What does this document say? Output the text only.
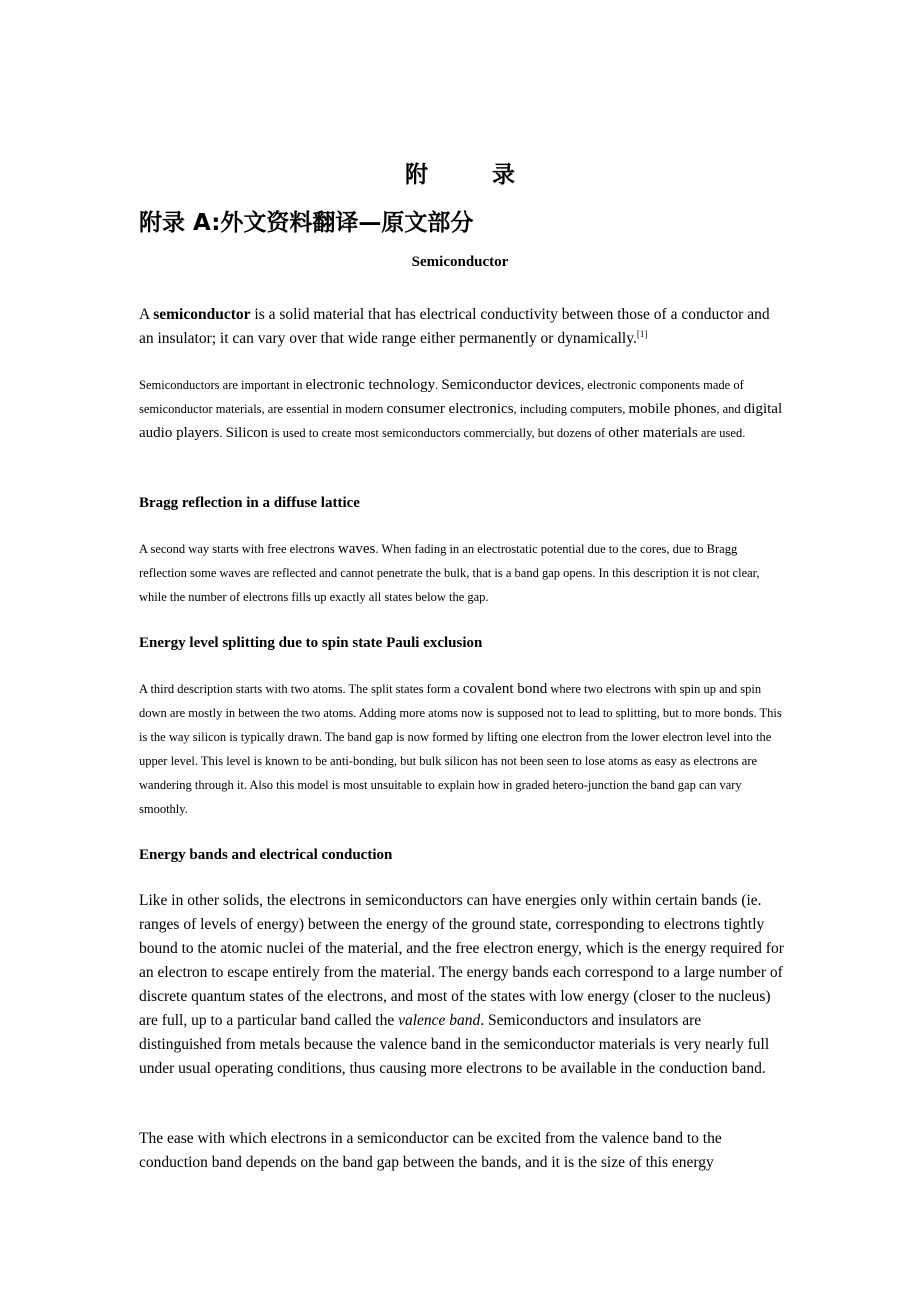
附	录
附录 A:外文资料翻译—原文部分
Semiconductor
A semiconductor is a solid material that has electrical conductivity between those of a conductor and an insulator; it can vary over that wide range either permanently or dynamically.[1]
Semiconductors are important in electronic technology. Semiconductor devices, electronic components made of semiconductor materials, are essential in modern consumer electronics, including computers, mobile phones, and digital audio players. Silicon is used to create most semiconductors commercially, but dozens of other materials are used.
Bragg reflection in a diffuse lattice
A second way starts with free electrons waves. When fading in an electrostatic potential due to the cores, due to Bragg reflection some waves are reflected and cannot penetrate the bulk, that is a band gap opens. In this description it is not clear, while the number of electrons fills up exactly all states below the gap.
Energy level splitting due to spin state Pauli exclusion
A third description starts with two atoms. The split states form a covalent bond where two electrons with spin up and spin down are mostly in between the two atoms. Adding more atoms now is supposed not to lead to splitting, but to more bonds. This is the way silicon is typically drawn. The band gap is now formed by lifting one electron from the lower electron level into the upper level. This level is known to be anti-bonding, but bulk silicon has not been seen to lose atoms as easy as electrons are wandering through it. Also this model is most unsuitable to explain how in graded hetero-junction the band gap can vary smoothly.
Energy bands and electrical conduction
Like in other solids, the electrons in semiconductors can have energies only within certain bands (ie. ranges of levels of energy) between the energy of the ground state, corresponding to electrons tightly bound to the atomic nuclei of the material, and the free electron energy, which is the energy required for an electron to escape entirely from the material. The energy bands each correspond to a large number of discrete quantum states of the electrons, and most of the states with low energy (closer to the nucleus) are full, up to a particular band called the valence band. Semiconductors and insulators are distinguished from metals because the valence band in the semiconductor materials is very nearly full under usual operating conditions, thus causing more electrons to be available in the conduction band.
The ease with which electrons in a semiconductor can be excited from the valence band to the conduction band depends on the band gap between the bands, and it is the size of this energy
